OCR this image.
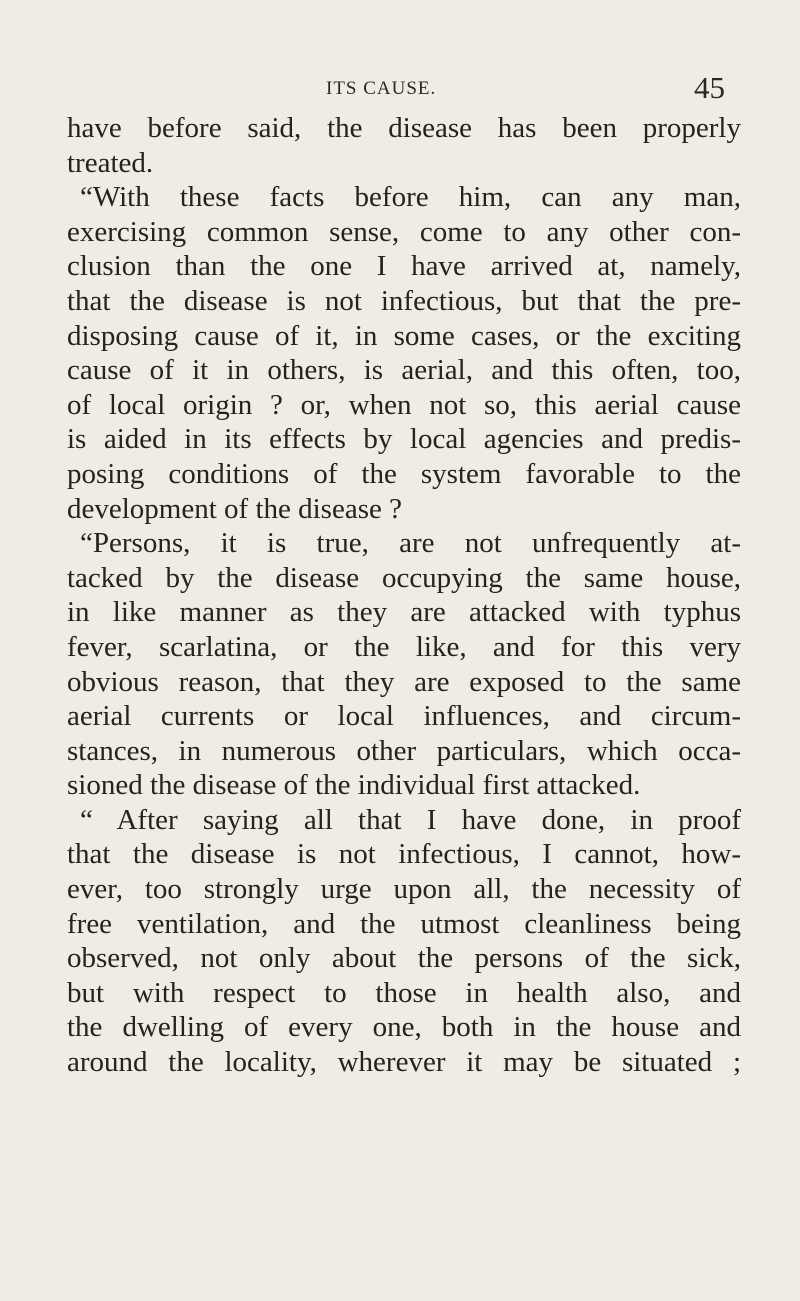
ITS CAUSE.	45
have before said, the disease has been properly
treated.
“With these facts before him, can any man,
exercising common sense, come to any other con-
clusion than the one I have arrived at, namely,
that the disease is not infectious, but that the pre-
disposing cause of it, in some cases, or the exciting
cause of it in others, is aerial, and this often, too,
of local origin ? or, when not so, this aerial cause
is aided in its effects by local agencies and predis-
posing conditions of the system favorable to the
development of the disease ?
“Persons, it is true, are not unfrequently at-
tacked by the disease occupying the same house,
in like manner as they are attacked with typhus
fever, scarlatina, or the like, and for this very
obvious reason, that they are exposed to the same
aerial currents or local influences, and circum-
stances, in numerous other particulars, which occa-
sioned the disease of the individual first attacked.
“ After saying all that I have done, in proof
that the disease is not infectious, I cannot, how-
ever, too strongly urge upon all, the necessity of
free ventilation, and the utmost cleanliness being
observed, not only about the persons of the sick,
but with respect to those in health also, and
the dwelling of every one, both in the house and
around the locality, wherever it may be situated ;
